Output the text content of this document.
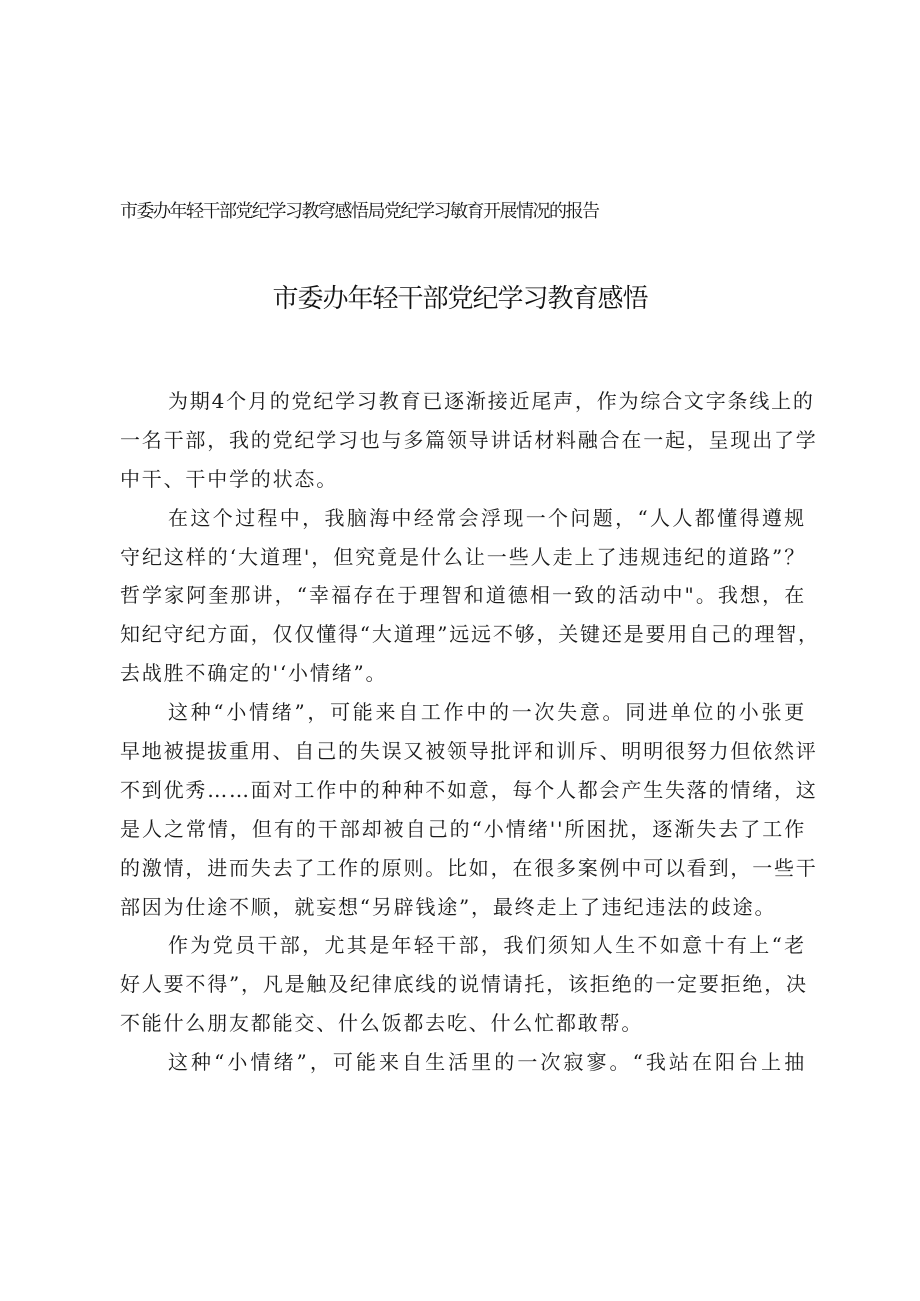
市委办年轻干部党纪学习教穹感悟局党纪学习敏育开展情况的报告
市委办年轻干部党纪学习教育感悟
为期4个月的党纪学习教育已逐渐接近尾声，作为综合文字条线上的
一名干部，我的党纪学习也与多篇领导讲话材料融合在一起，呈现出了学
中干、干中学的状态。
在这个过程中，我脑海中经常会浮现一个问题，“人人都懂得遵规
守纪这样的‘大道理'，但究竟是什么让一些人走上了违规违纪的道路”？
哲学家阿奎那讲，“幸福存在于理智和道德相一致的活动中"。我想，在
知纪守纪方面，仅仅懂得“大道理”远远不够，关键还是要用自己的理智，
去战胜不确定的'‘小情绪”。
这种“小情绪”，可能来自工作中的一次失意。同进单位的小张更
早地被提拔重用、自己的失误又被领导批评和训斥、明明很努力但依然评
不到优秀……面对工作中的种种不如意，每个人都会产生失落的情绪，这
是人之常情，但有的干部却被自己的“小情绪''所困扰，逐渐失去了工作
的激情，进而失去了工作的原则。比如，在很多案例中可以看到，一些干
部因为仕途不顺，就妄想“另辟钱途”，最终走上了违纪违法的歧途。
作为党员干部，尤其是年轻干部，我们须知人生不如意十有上“老
好人要不得”，凡是触及纪律底线的说情请托，该拒绝的一定要拒绝，决
不能什么朋友都能交、什么饭都去吃、什么忙都敢帮。
这种“小情绪”，可能来自生活里的一次寂寥。“我站在阳台上抽
